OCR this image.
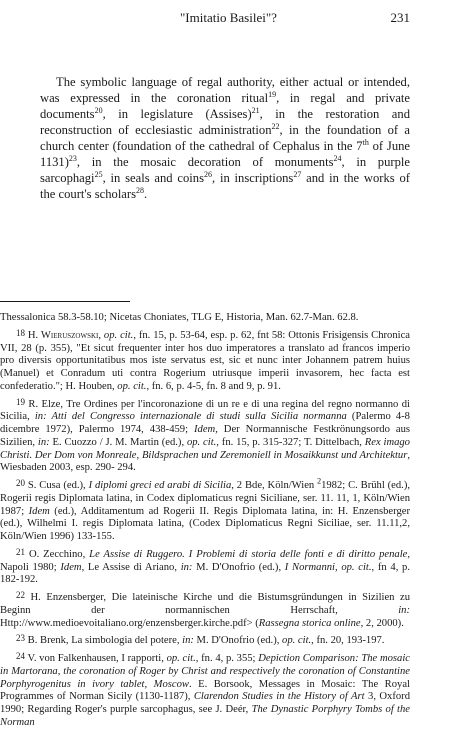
"Imitatio Basilei"?	231

The symbolic language of regal authority, either actual or intended, was expressed in the coronation ritual$^{19}$, in regal and private documents$^{20}$, in legislature (Assises)$^{21}$, in the restoration and reconstruction of ecclesiastic administration$^{22}$, in the foundation of a church center (foundation of the cathedral of Cephalus in the 7th of June 1131)$^{23}$, in the mosaic decoration of monuments$^{24}$, in purple sarcophagi$^{25}$, in seals and coins$^{26}$, in inscriptions$^{27}$ and in the works of the court's scholars$^{28}$.

Thessalonica 58.3-58.10; Nicetas Choniates, TLG E, Historia, Man. 62.7-Man. 62.8.

18 H. Wieruszowski, op. cit., fn. 15, p. 53-64, esp. p. 62, fnt 58: Ottonis Frisigensis Chronica VII, 28 (p. 355), "Et sicut frequenter inter hos duo imperatores a translato ad francos imperio pro diversis opportunitatibus mos iste servatus est, sic et nunc inter Johannem patrem huius (Manuel) et Conradum uti contra Rogerium utriusque imperii invasorem, hec facta est confederatio."; H. Houben, op. cit., fn. 6, p. 4-5, fn. 8 and 9, p. 91.

19 R. Elze, Tre Ordines per l'incoronazione di un re e di una regina del regno normanno di Sicilia, in: Atti del Congresso internazionale di studi sulla Sicilia normanna (Palermo 4-8 dicembre 1972), Palermo 1974, 438-459; Idem, Der Normannische Festkrönungsordo aus Sizilien, in: E. Cuozzo / J. M. Martin (ed.), op. cit., fn. 15, p. 315-327; T. Dittelbach, Rex imago Christi. Der Dom von Monreale, Bildsprachen und Zeremoniell in Mosaikkunst und Architektur, Wiesbaden 2003, esp. 290- 294.

20 S. Cusa (ed.), I diplomi greci ed arabi di Sicilia, 2 Bde, Köln/Wien $^2$1982; C. Brühl (ed.), Rogerii regis Diplomata latina, in Codex diplomaticus regni Siciliane, ser. 11. 11, 1, Köln/Wien 1987; Idem (ed.), Additamentum ad Rogerii II. Regis Diplomata latina, in: H. Enzensberger (ed.), Wilhelmi I. regis Diplomata latina, (Codex Diplomaticus Regni Siciliae, ser. 11.11,2, Köln/Wien 1996) 133-155.

21 O. Zecchino, Le Assise di Ruggero. I Problemi di storia delle fonti e di diritto penale, Napoli 1980; Idem, Le Assise di Ariano, in: M. D'Onofrio (ed.), I Normanni, op. cit., fn 4, p. 182-192.

22 H. Enzensberger, Die lateinische Kirche und die Bistumsgründungen in Sizilien zu Beginn der normannischen Herrschaft, in: Http://www.medioevoitaliano.org/enzensberger.kirche.pdf> (Rassegna storica online, 2, 2000).

23 B. Brenk, La simbologia del potere, in: M. D'Onofrio (ed.), op. cit., fn. 20, 193-197.

24 V. von Falkenhausen, I rapporti, op. cit., fn. 4, p. 355; Depiction Comparison: The mosaic in Martorana, the coronation of Roger by Christ and respectively the coronation of Constantine Porphyrogenitus in ivory tablet, Moscow. E. Borsook, Messages in Mosaic: The Royal Programmes of Norman Sicily (1130-1187), Clarendon Studies in the History of Art 3, Oxford 1990; Regarding Roger's purple sarcophagus, see J. Deér, The Dynastic Porphyry Tombs of the Norman
